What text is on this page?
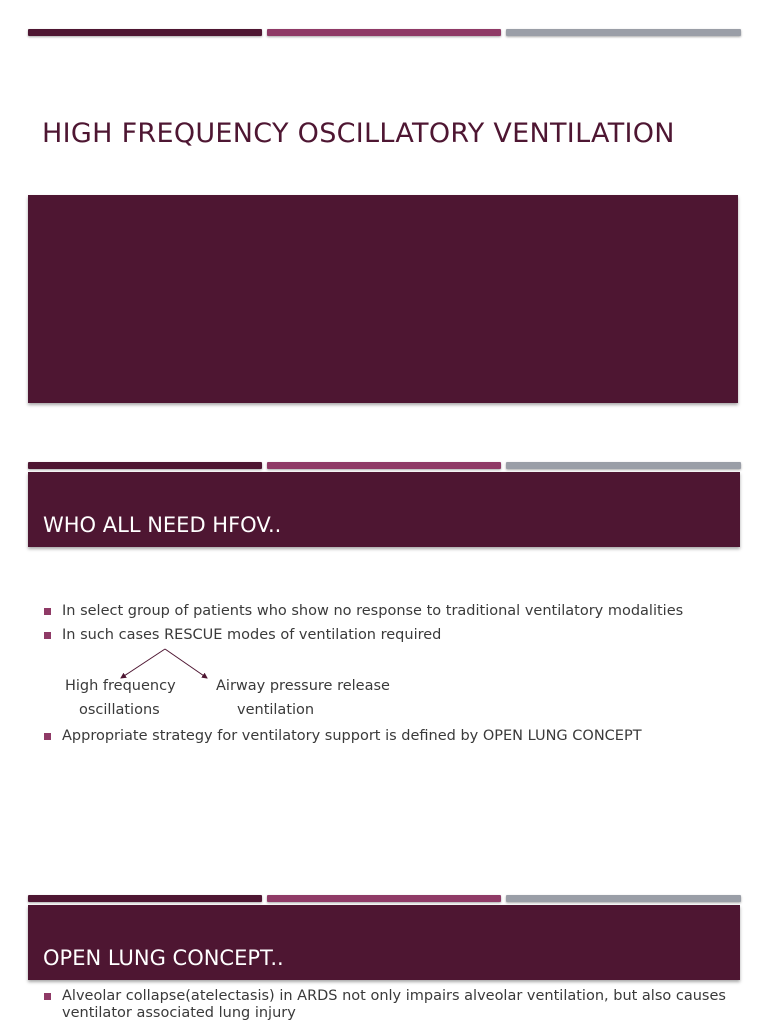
HIGH FREQUENCY OSCILLATORY VENTILATION
WHO ALL NEED HFOV..
In select group of patients who show no response to traditional ventilatory modalities
In such cases RESCUE modes of ventilation required
High frequency
oscillations
Airway pressure release
ventilation
Appropriate strategy for ventilatory support is defined by OPEN LUNG CONCEPT
OPEN LUNG CONCEPT..
Alveolar collapse(atelectasis) in ARDS not only impairs alveolar ventilation, but also causes
ventilator associated lung injury
